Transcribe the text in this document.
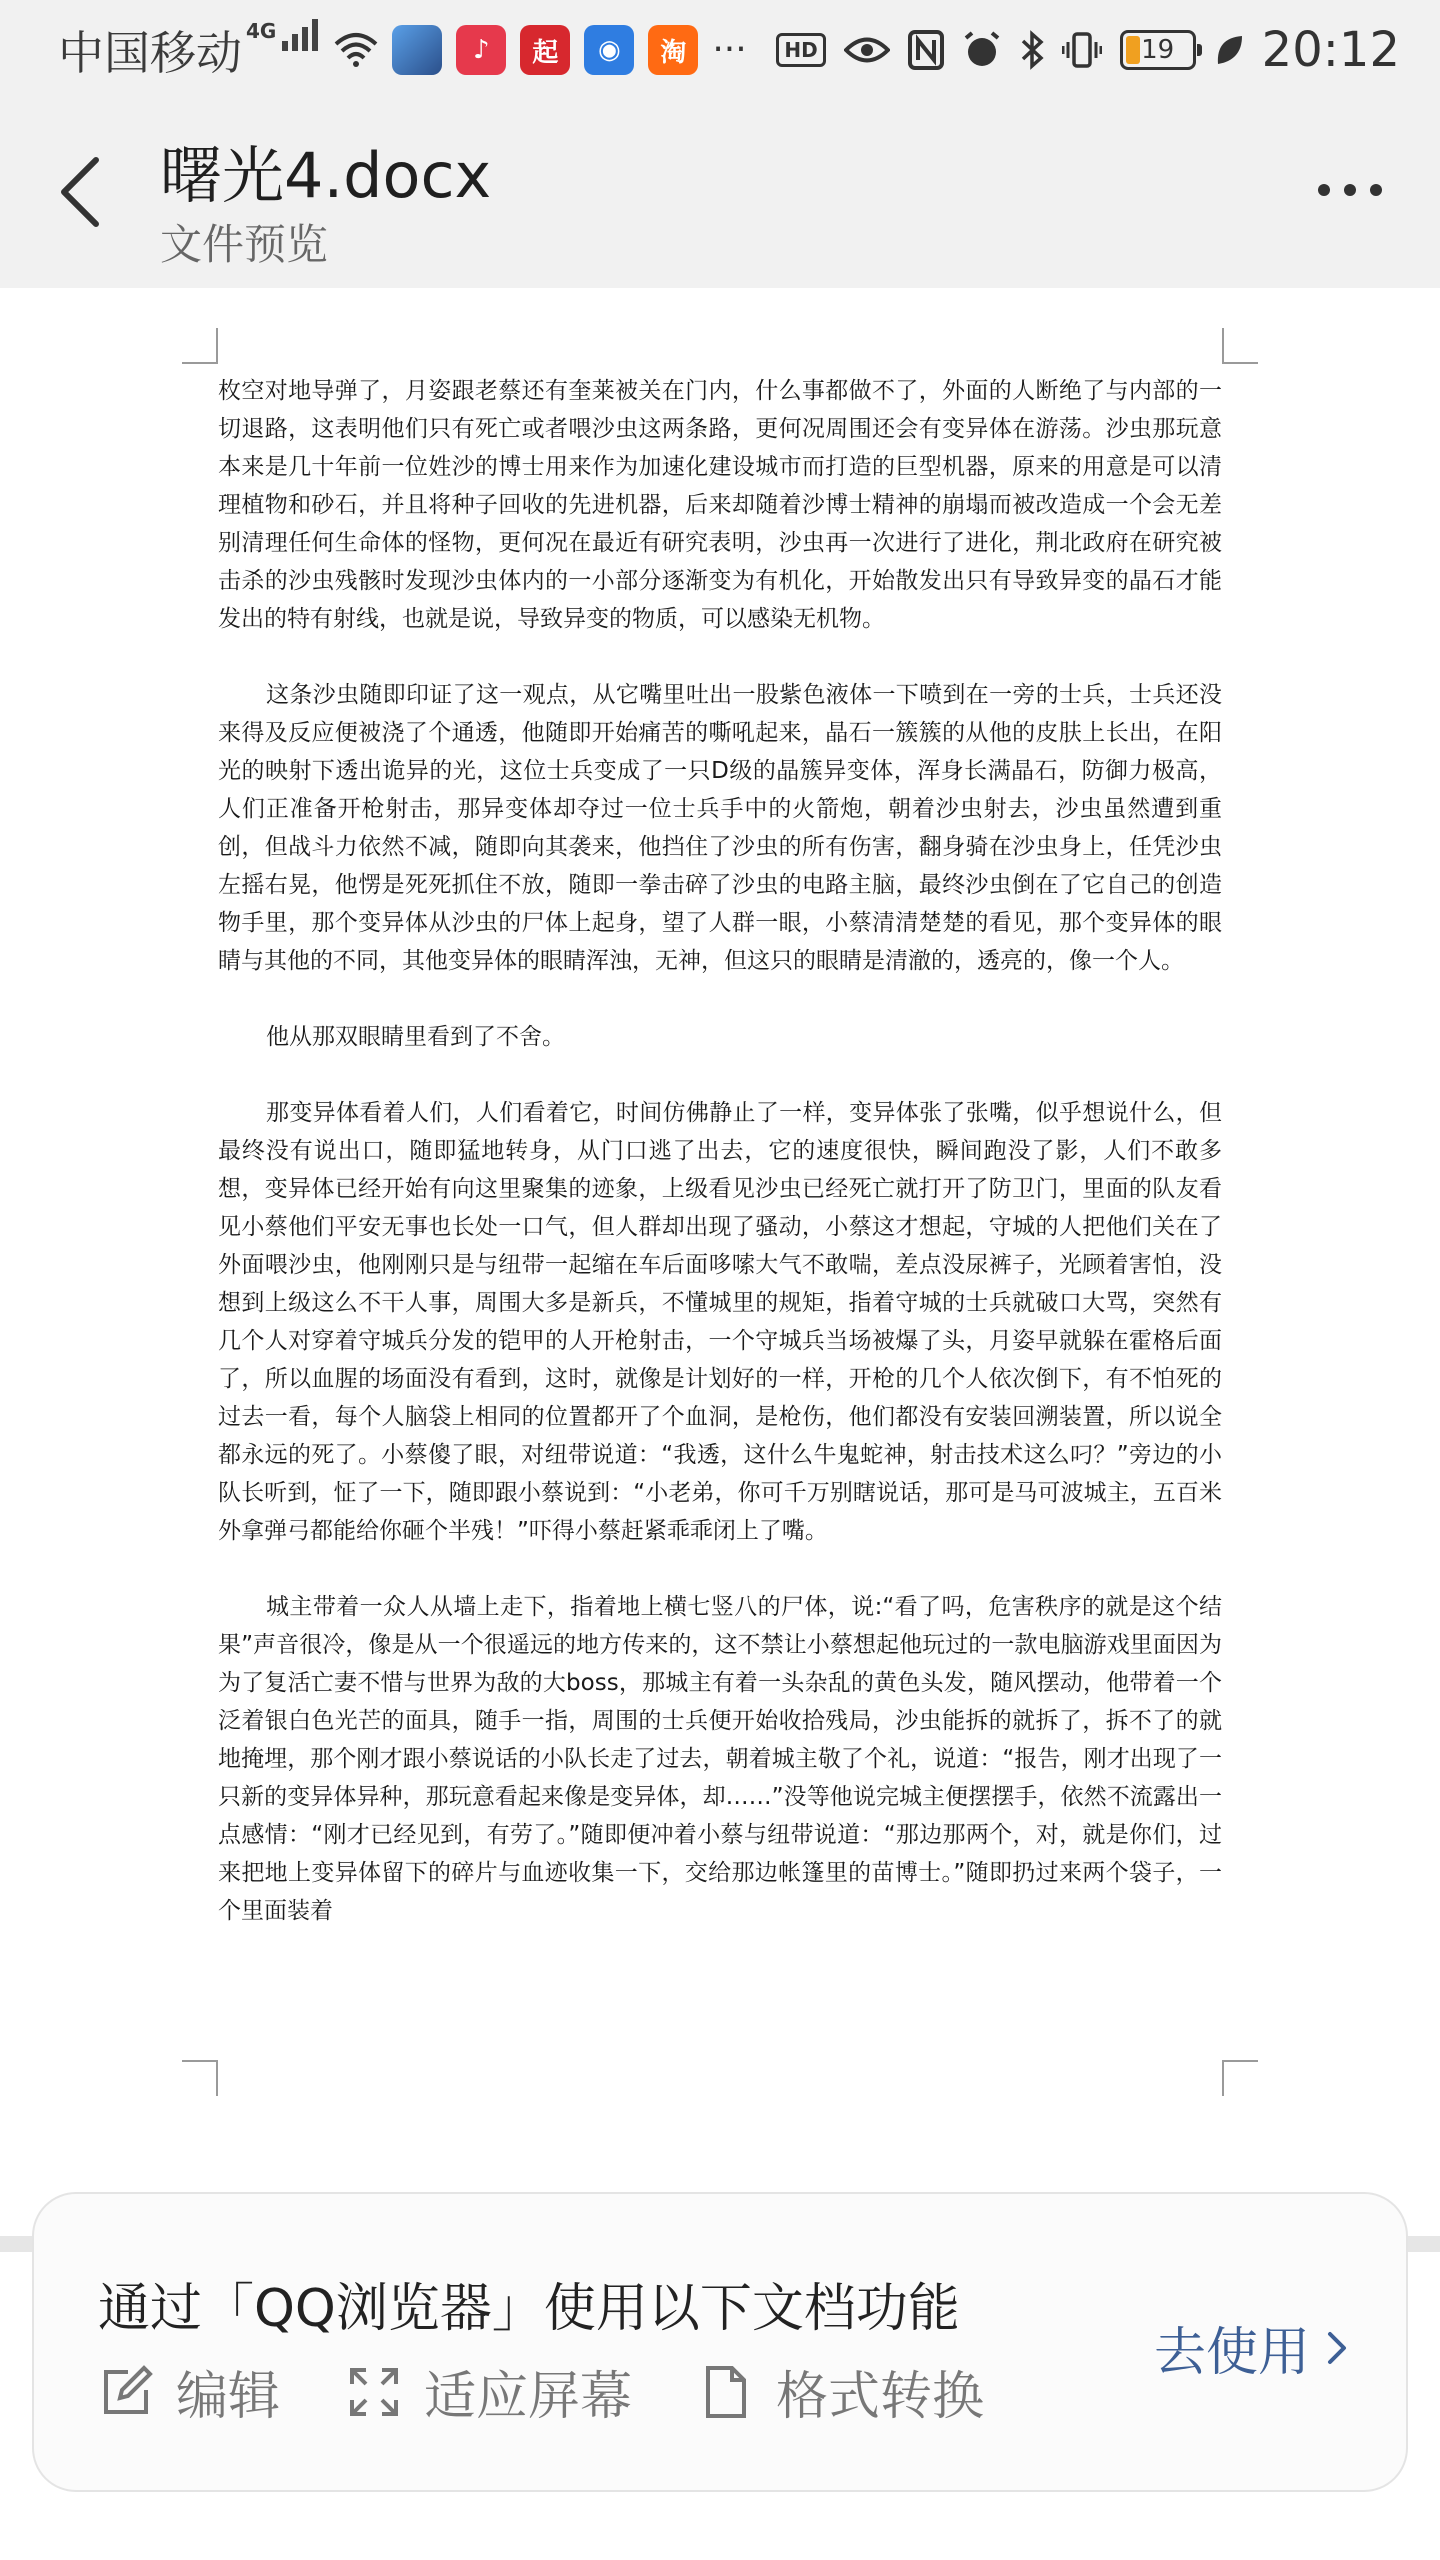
中国移动 4G
♪	起	◉	淘 ···	HD	19 20:12
曙光4.docx
文件预览

枚空对地导弹了，月姿跟老蔡还有奎莱被关在门内，什么事都做不了，外面的人断绝了与内部的一切退路，这表明他们只有死亡或者喂沙虫这两条路，更何况周围还会有变异体在游荡。沙虫那玩意本来是几十年前一位姓沙的博士用来作为加速化建设城市而打造的巨型机器，原来的用意是可以清理植物和砂石，并且将种子回收的先进机器，后来却随着沙博士精神的崩塌而被改造成一个会无差别清理任何生命体的怪物，更何况在最近有研究表明，沙虫再一次进行了进化，荆北政府在研究被击杀的沙虫残骸时发现沙虫体内的一小部分逐渐变为有机化，开始散发出只有导致异变的晶石才能发出的特有射线，也就是说，导致异变的物质，可以感染无机物。

这条沙虫随即印证了这一观点，从它嘴里吐出一股紫色液体一下喷到在一旁的士兵，士兵还没来得及反应便被浇了个通透，他随即开始痛苦的嘶吼起来，晶石一簇簇的从他的皮肤上长出，在阳光的映射下透出诡异的光，这位士兵变成了一只D级的晶簇异变体，浑身长满晶石，防御力极高，人们正准备开枪射击，那异变体却夺过一位士兵手中的火箭炮，朝着沙虫射去，沙虫虽然遭到重创，但战斗力依然不减，随即向其袭来，他挡住了沙虫的所有伤害，翻身骑在沙虫身上，任凭沙虫左摇右晃，他愣是死死抓住不放，随即一拳击碎了沙虫的电路主脑，最终沙虫倒在了它自己的创造物手里，那个变异体从沙虫的尸体上起身，望了人群一眼，小蔡清清楚楚的看见，那个变异体的眼睛与其他的不同，其他变异体的眼睛浑浊，无神，但这只的眼睛是清澈的，透亮的，像一个人。

他从那双眼睛里看到了不舍。

那变异体看着人们，人们看着它，时间仿佛静止了一样，变异体张了张嘴，似乎想说什么，但最终没有说出口，随即猛地转身，从门口逃了出去，它的速度很快，瞬间跑没了影，人们不敢多想，变异体已经开始有向这里聚集的迹象，上级看见沙虫已经死亡就打开了防卫门，里面的队友看见小蔡他们平安无事也长处一口气，但人群却出现了骚动，小蔡这才想起，守城的人把他们关在了外面喂沙虫，他刚刚只是与纽带一起缩在车后面哆嗦大气不敢喘，差点没尿裤子，光顾着害怕，没想到上级这么不干人事，周围大多是新兵，不懂城里的规矩，指着守城的士兵就破口大骂，突然有几个人对穿着守城兵分发的铠甲的人开枪射击，一个守城兵当场被爆了头，月姿早就躲在霍格后面了，所以血腥的场面没有看到，这时，就像是计划好的一样，开枪的几个人依次倒下，有不怕死的过去一看，每个人脑袋上相同的位置都开了个血洞，是枪伤，他们都没有安装回溯装置，所以说全都永远的死了。小蔡傻了眼，对纽带说道：“我透，这什么牛鬼蛇神，射击技术这么叼？”旁边的小队长听到，怔了一下，随即跟小蔡说到：“小老弟，你可千万别瞎说话，那可是马可波城主，五百米外拿弹弓都能给你砸个半残！”吓得小蔡赶紧乖乖闭上了嘴。

城主带着一众人从墙上走下，指着地上横七竖八的尸体，说:“看了吗，危害秩序的就是这个结果”声音很冷，像是从一个很遥远的地方传来的，这不禁让小蔡想起他玩过的一款电脑游戏里面因为为了复活亡妻不惜与世界为敌的大boss，那城主有着一头杂乱的黄色头发，随风摆动，他带着一个泛着银白色光芒的面具，随手一指，周围的士兵便开始收拾残局，沙虫能拆的就拆了，拆不了的就地掩埋，那个刚才跟小蔡说话的小队长走了过去，朝着城主敬了个礼，说道：“报告，刚才出现了一只新的变异体异种，那玩意看起来像是变异体，却……”没等他说完城主便摆摆手，依然不流露出一点感情：“刚才已经见到，有劳了。”随即便冲着小蔡与纽带说道：“那边那两个，对，就是你们，过来把地上变异体留下的碎片与血迹收集一下，交给那边帐篷里的苗博士。”随即扔过来两个袋子，一个里面装着

通过「QQ浏览器」使用以下文档功能
编辑	适应屏幕	格式转换
去使用
